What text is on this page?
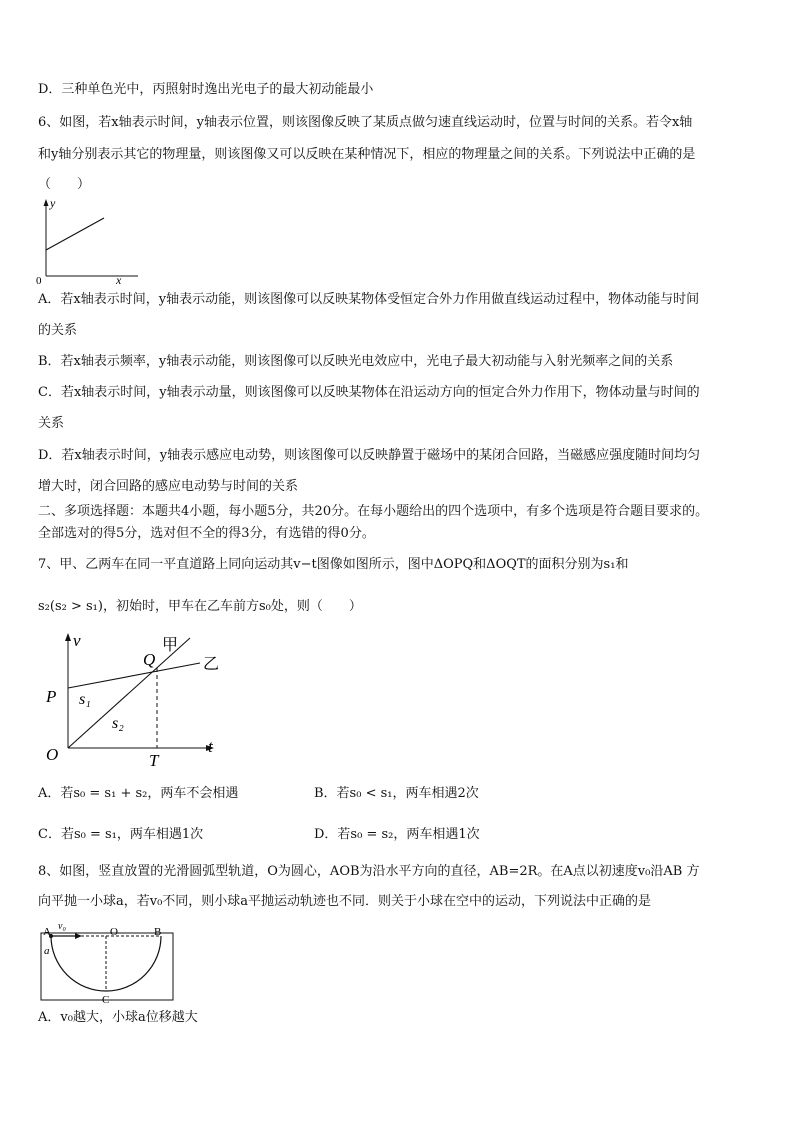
D．三种单色光中，丙照射时逸出光电子的最大初动能最小
6、如图，若x轴表示时间，y轴表示位置，则该图像反映了某质点做匀速直线运动时，位置与时间的关系。若令x轴
和y轴分别表示其它的物理量，则该图像又可以反映在某种情况下，相应的物理量之间的关系。下列说法中正确的是
（　　）
y
0	x
A．若x轴表示时间，y轴表示动能，则该图像可以反映某物体受恒定合外力作用做直线运动过程中，物体动能与时间
的关系
B．若x轴表示频率，y轴表示动能，则该图像可以反映光电效应中，光电子最大初动能与入射光频率之间的关系
C．若x轴表示时间，y轴表示动量，则该图像可以反映某物体在沿运动方向的恒定合外力作用下，物体动量与时间的
关系
D．若x轴表示时间，y轴表示感应电动势，则该图像可以反映静置于磁场中的某闭合回路，当磁感应强度随时间均匀
增大时，闭合回路的感应电动势与时间的关系
二、多项选择题：本题共4小题，每小题5分，共20分。在每小题给出的四个选项中，有多个选项是符合题目要求的。
全部选对的得5分，选对但不全的得3分，有选错的得0分。
7、甲、乙两车在同一平直道路上同向运动其v−t图像如图所示，图中ΔOPQ和ΔOQT的面积分别为s₁和
s₂(s₂ > s₁)，初始时，甲车在乙车前方s₀处，则（　　）
v
t
O
P
Q
T
甲
乙
s₁
s₂
A．若s₀ = s₁ + s₂，两车不会相遇	B．若s₀ < s₁，两车相遇2次
C．若s₀ = s₁，两车相遇1次	D．若s₀ = s₂，两车相遇1次
8、如图，竖直放置的光滑圆弧型轨道，O为圆心，AOB为沿水平方向的直径，AB=2R。在A点以初速度v₀沿AB 方
向平抛一小球a，若v₀不同，则小球a平抛运动轨迹也不同．则关于小球在空中的运动，下列说法中正确的是
A	O	B
C
a
v₀
A．v₀越大，小球a位移越大
